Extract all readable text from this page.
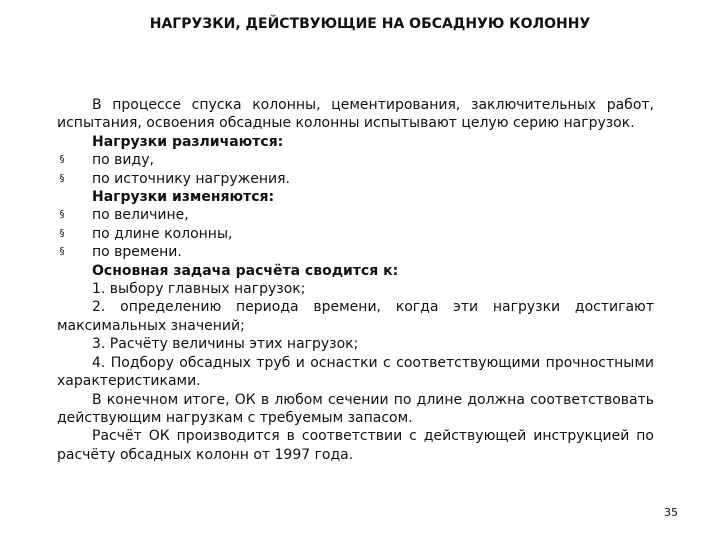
НАГРУЗКИ, ДЕЙСТВУЮЩИЕ НА ОБСАДНУЮ КОЛОННУ

В процессе спуска колонны, цементирования, заключительных работ, испытания, освоения обсадные колонны испытывают целую серию нагрузок.

Нагрузки различаются:

§ по виду,
§ по источнику нагружения.

Нагрузки изменяются:

§ по величине,
§ по длине колонны,
§ по времени.

Основная задача расчёта сводится к:

1. выбору главных нагрузок;

2. определению периода времени, когда эти нагрузки достигают максимальных значений;

3. Расчёту величины этих нагрузок;

4. Подбору обсадных труб и оснастки с соответствующими прочностными характеристиками.

В конечном итоге, ОК в любом сечении по длине должна соответствовать действующим нагрузкам с требуемым запасом.

Расчёт ОК производится в соответствии с действующей инструкцией по расчёту обсадных колонн от 1997 года.

35
